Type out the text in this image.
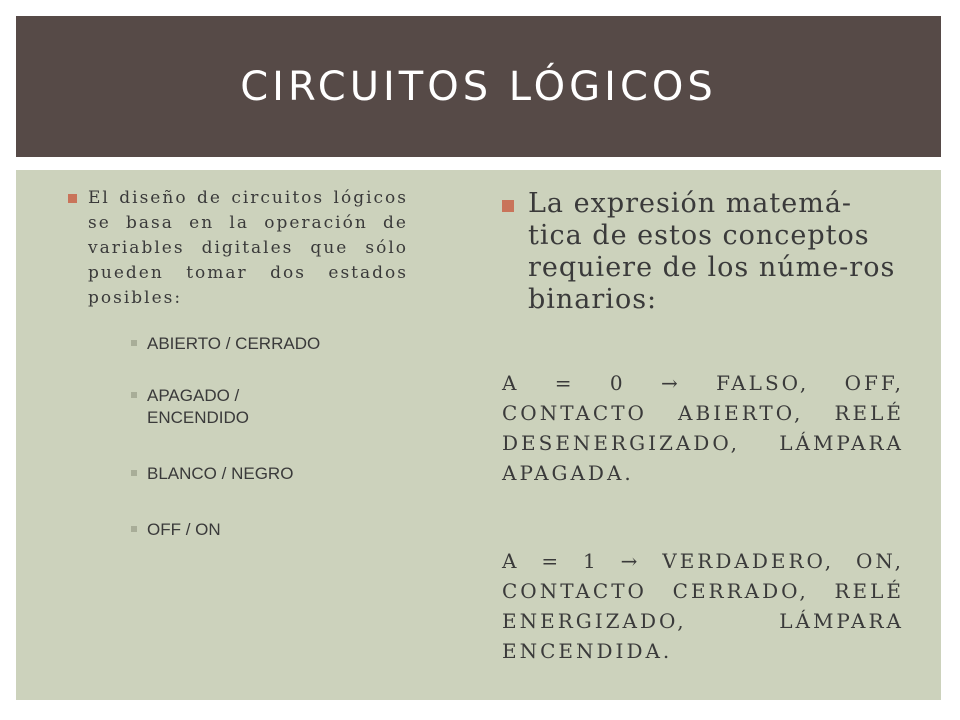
CIRCUITOS LÓGICOS
El diseño de circuitos lógicos se basa en la operación de variables digitales que sólo pueden tomar dos estados posibles:
ABIERTO / CERRADO
APAGADO / ENCENDIDO
BLANCO / NEGRO
OFF / ON
La expresión matemá-tica de estos conceptos requiere de los núme-ros binarios:
A = 0 → FALSO, OFF, CONTACTO ABIERTO, RELÉ DESENERGIZADO, LÁMPARA APAGADA.
A = 1 → VERDADERO, ON, CONTACTO CERRADO, RELÉ ENERGIZADO, LÁMPARA ENCENDIDA.
